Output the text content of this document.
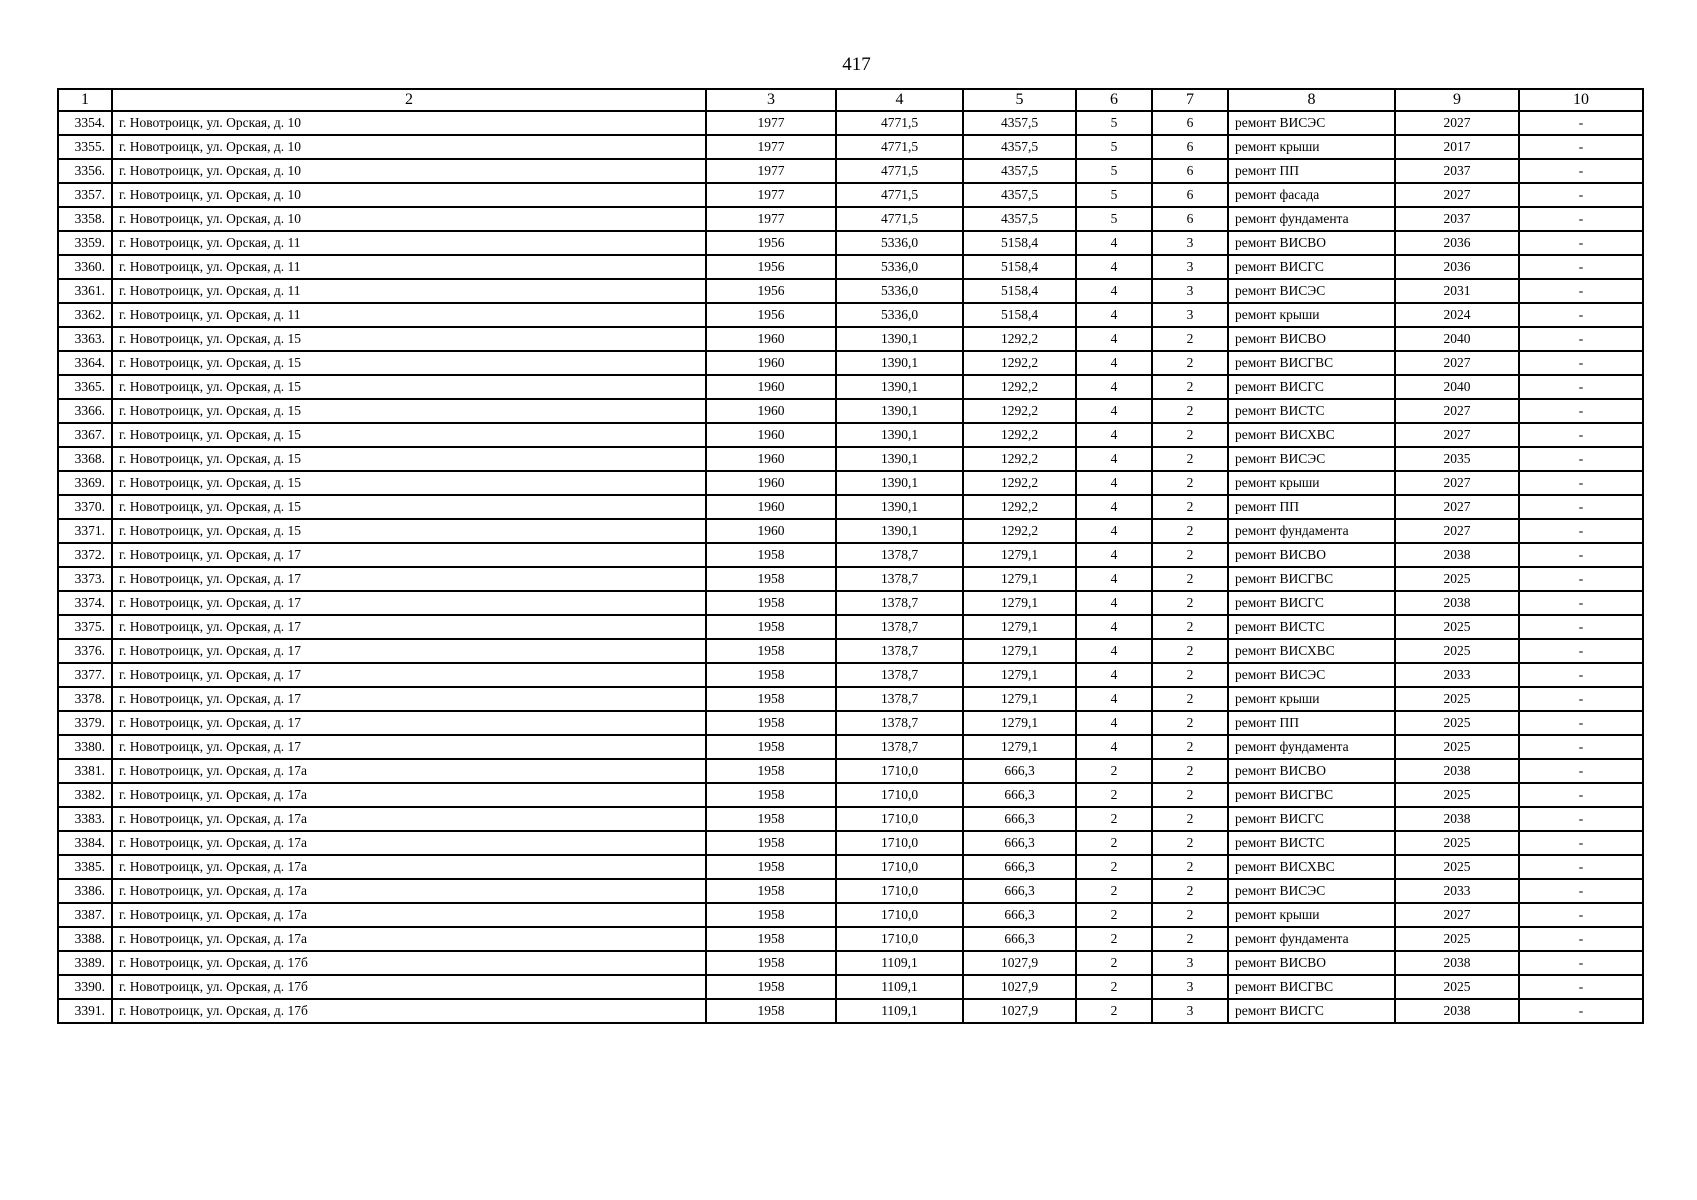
417
1	2	3	4	5	6	7	8	9	10
3354.	г. Новотроицк, ул. Орская, д. 10	1977	4771,5	4357,5	5	6	ремонт ВИСЭС	2027	-
3355.	г. Новотроицк, ул. Орская, д. 10	1977	4771,5	4357,5	5	6	ремонт крыши	2017	-
3356.	г. Новотроицк, ул. Орская, д. 10	1977	4771,5	4357,5	5	6	ремонт ПП	2037	-
3357.	г. Новотроицк, ул. Орская, д. 10	1977	4771,5	4357,5	5	6	ремонт фасада	2027	-
3358.	г. Новотроицк, ул. Орская, д. 10	1977	4771,5	4357,5	5	6	ремонт фундамента	2037	-
3359.	г. Новотроицк, ул. Орская, д. 11	1956	5336,0	5158,4	4	3	ремонт ВИСВО	2036	-
3360.	г. Новотроицк, ул. Орская, д. 11	1956	5336,0	5158,4	4	3	ремонт ВИСГС	2036	-
3361.	г. Новотроицк, ул. Орская, д. 11	1956	5336,0	5158,4	4	3	ремонт ВИСЭС	2031	-
3362.	г. Новотроицк, ул. Орская, д. 11	1956	5336,0	5158,4	4	3	ремонт крыши	2024	-
3363.	г. Новотроицк, ул. Орская, д. 15	1960	1390,1	1292,2	4	2	ремонт ВИСВО	2040	-
3364.	г. Новотроицк, ул. Орская, д. 15	1960	1390,1	1292,2	4	2	ремонт ВИСГВС	2027	-
3365.	г. Новотроицк, ул. Орская, д. 15	1960	1390,1	1292,2	4	2	ремонт ВИСГС	2040	-
3366.	г. Новотроицк, ул. Орская, д. 15	1960	1390,1	1292,2	4	2	ремонт ВИСТС	2027	-
3367.	г. Новотроицк, ул. Орская, д. 15	1960	1390,1	1292,2	4	2	ремонт ВИСХВС	2027	-
3368.	г. Новотроицк, ул. Орская, д. 15	1960	1390,1	1292,2	4	2	ремонт ВИСЭС	2035	-
3369.	г. Новотроицк, ул. Орская, д. 15	1960	1390,1	1292,2	4	2	ремонт крыши	2027	-
3370.	г. Новотроицк, ул. Орская, д. 15	1960	1390,1	1292,2	4	2	ремонт ПП	2027	-
3371.	г. Новотроицк, ул. Орская, д. 15	1960	1390,1	1292,2	4	2	ремонт фундамента	2027	-
3372.	г. Новотроицк, ул. Орская, д. 17	1958	1378,7	1279,1	4	2	ремонт ВИСВО	2038	-
3373.	г. Новотроицк, ул. Орская, д. 17	1958	1378,7	1279,1	4	2	ремонт ВИСГВС	2025	-
3374.	г. Новотроицк, ул. Орская, д. 17	1958	1378,7	1279,1	4	2	ремонт ВИСГС	2038	-
3375.	г. Новотроицк, ул. Орская, д. 17	1958	1378,7	1279,1	4	2	ремонт ВИСТС	2025	-
3376.	г. Новотроицк, ул. Орская, д. 17	1958	1378,7	1279,1	4	2	ремонт ВИСХВС	2025	-
3377.	г. Новотроицк, ул. Орская, д. 17	1958	1378,7	1279,1	4	2	ремонт ВИСЭС	2033	-
3378.	г. Новотроицк, ул. Орская, д. 17	1958	1378,7	1279,1	4	2	ремонт крыши	2025	-
3379.	г. Новотроицк, ул. Орская, д. 17	1958	1378,7	1279,1	4	2	ремонт ПП	2025	-
3380.	г. Новотроицк, ул. Орская, д. 17	1958	1378,7	1279,1	4	2	ремонт фундамента	2025	-
3381.	г. Новотроицк, ул. Орская, д. 17а	1958	1710,0	666,3	2	2	ремонт ВИСВО	2038	-
3382.	г. Новотроицк, ул. Орская, д. 17а	1958	1710,0	666,3	2	2	ремонт ВИСГВС	2025	-
3383.	г. Новотроицк, ул. Орская, д. 17а	1958	1710,0	666,3	2	2	ремонт ВИСГС	2038	-
3384.	г. Новотроицк, ул. Орская, д. 17а	1958	1710,0	666,3	2	2	ремонт ВИСТС	2025	-
3385.	г. Новотроицк, ул. Орская, д. 17а	1958	1710,0	666,3	2	2	ремонт ВИСХВС	2025	-
3386.	г. Новотроицк, ул. Орская, д. 17а	1958	1710,0	666,3	2	2	ремонт ВИСЭС	2033	-
3387.	г. Новотроицк, ул. Орская, д. 17а	1958	1710,0	666,3	2	2	ремонт крыши	2027	-
3388.	г. Новотроицк, ул. Орская, д. 17а	1958	1710,0	666,3	2	2	ремонт фундамента	2025	-
3389.	г. Новотроицк, ул. Орская, д. 17б	1958	1109,1	1027,9	2	3	ремонт ВИСВО	2038	-
3390.	г. Новотроицк, ул. Орская, д. 17б	1958	1109,1	1027,9	2	3	ремонт ВИСГВС	2025	-
3391.	г. Новотроицк, ул. Орская, д. 17б	1958	1109,1	1027,9	2	3	ремонт ВИСГС	2038	-
